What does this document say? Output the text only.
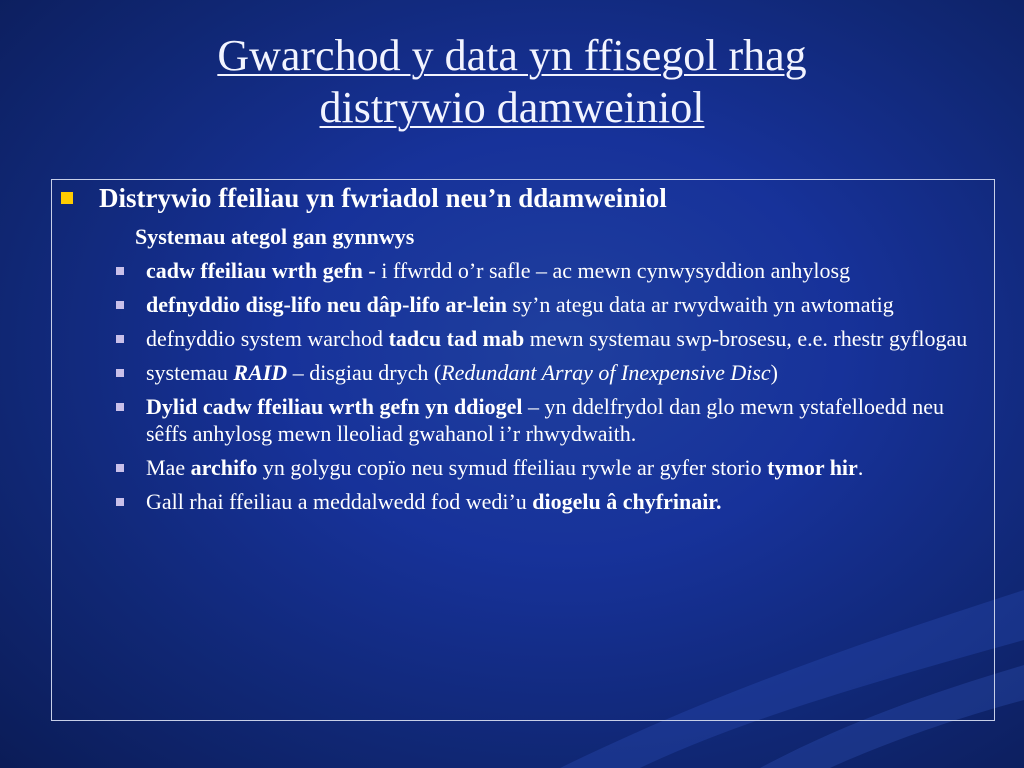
Gwarchod y data yn ffisegol rhag
distrywio damweiniol
Distrywio ffeiliau yn fwriadol neu’n ddamweiniol
Systemau ategol gan gynnwys
cadw ffeiliau wrth gefn - i ffwrdd o’r safle – ac mewn cynwysyddion anhylosg
defnyddio disg-lifo neu dâp-lifo ar-lein sy’n ategu data ar rwydwaith yn awtomatig
defnyddio system warchod tadcu tad mab mewn systemau swp-brosesu, e.e. rhestr gyflogau
systemau RAID – disgiau drych (Redundant Array of Inexpensive Disc)
Dylid cadw ffeiliau wrth gefn yn ddiogel – yn ddelfrydol dan glo mewn ystafelloedd neu sêffs anhylosg mewn lleoliad gwahanol i’r rhwydwaith.
Mae archifo yn golygu copïo neu symud ffeiliau rywle ar gyfer storio tymor hir.
Gall rhai ffeiliau a meddalwedd fod wedi’u diogelu â chyfrinair.
